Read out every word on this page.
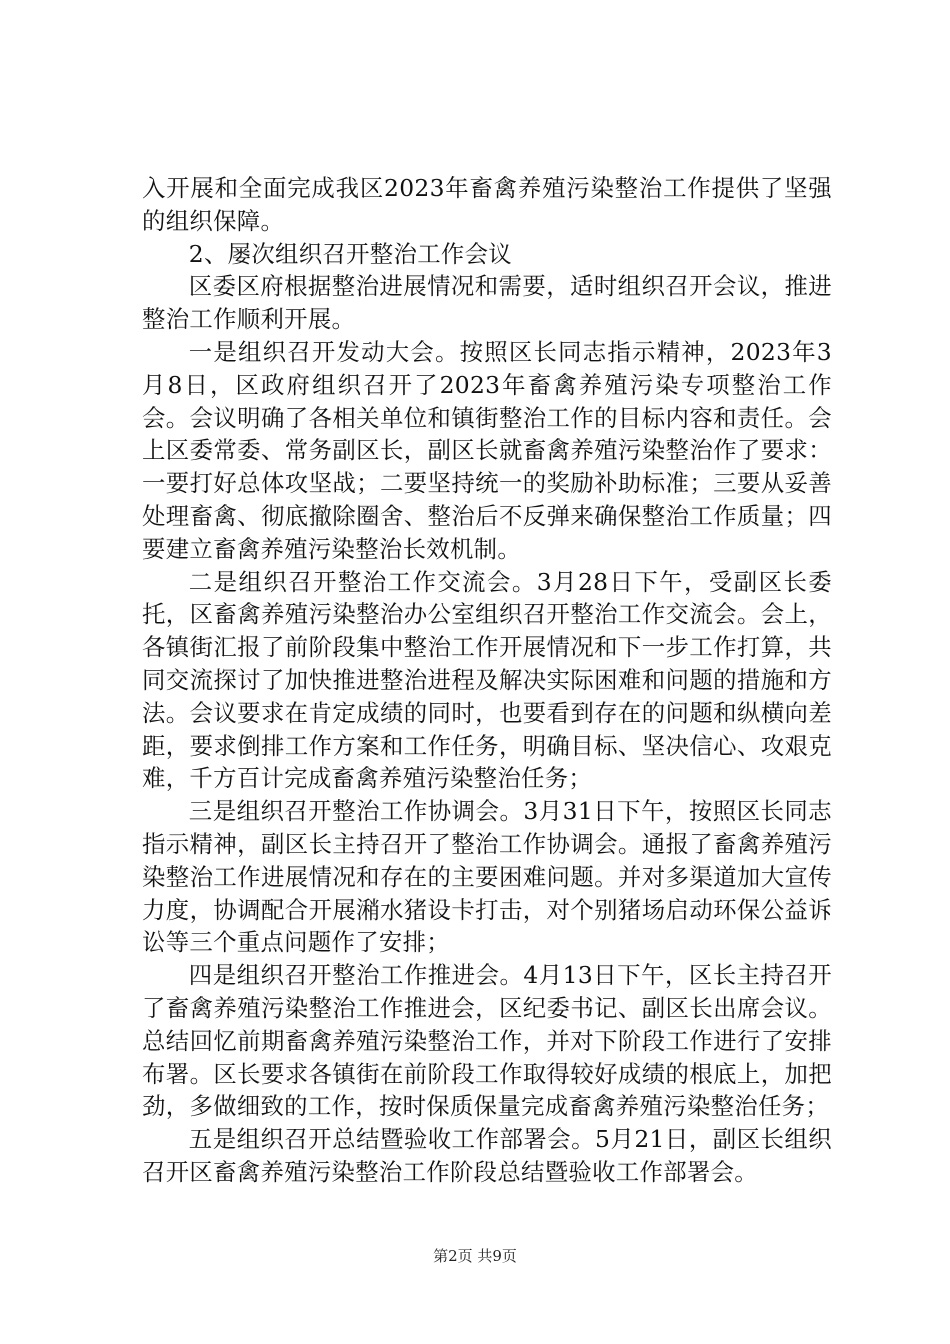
入开展和全面完成我区2023年畜禽养殖污染整治工作提供了坚强的组织保障。

2、屡次组织召开整治工作会议

区委区府根据整治进展情况和需要，适时组织召开会议，推进整治工作顺利开展。

一是组织召开发动大会。按照区长同志指示精神，2023年3月8日，区政府组织召开了2023年畜禽养殖污染专项整治工作会。会议明确了各相关单位和镇街整治工作的目标内容和责任。会上区委常委、常务副区长，副区长就畜禽养殖污染整治作了要求：一要打好总体攻坚战；二要坚持统一的奖励补助标准；三要从妥善处理畜禽、彻底撤除圈舍、整治后不反弹来确保整治工作质量；四要建立畜禽养殖污染整治长效机制。

二是组织召开整治工作交流会。3月28日下午，受副区长委托，区畜禽养殖污染整治办公室组织召开整治工作交流会。会上，各镇街汇报了前阶段集中整治工作开展情况和下一步工作打算，共同交流探讨了加快推进整治进程及解决实际困难和问题的措施和方法。会议要求在肯定成绩的同时，也要看到存在的问题和纵横向差距，要求倒排工作方案和工作任务，明确目标、坚决信心、攻艰克难，千方百计完成畜禽养殖污染整治任务；

三是组织召开整治工作协调会。3月31日下午，按照区长同志指示精神，副区长主持召开了整治工作协调会。通报了畜禽养殖污染整治工作进展情况和存在的主要困难问题。并对多渠道加大宣传力度，协调配合开展潲水猪设卡打击，对个别猪场启动环保公益诉讼等三个重点问题作了安排；

四是组织召开整治工作推进会。4月13日下午，区长主持召开了畜禽养殖污染整治工作推进会，区纪委书记、副区长出席会议。总结回忆前期畜禽养殖污染整治工作，并对下阶段工作进行了安排布署。区长要求各镇街在前阶段工作取得较好成绩的根底上，加把劲，多做细致的工作，按时保质保量完成畜禽养殖污染整治任务；

五是组织召开总结暨验收工作部署会。5月21日，副区长组织召开区畜禽养殖污染整治工作阶段总结暨验收工作部署会。

第2页 共9页
